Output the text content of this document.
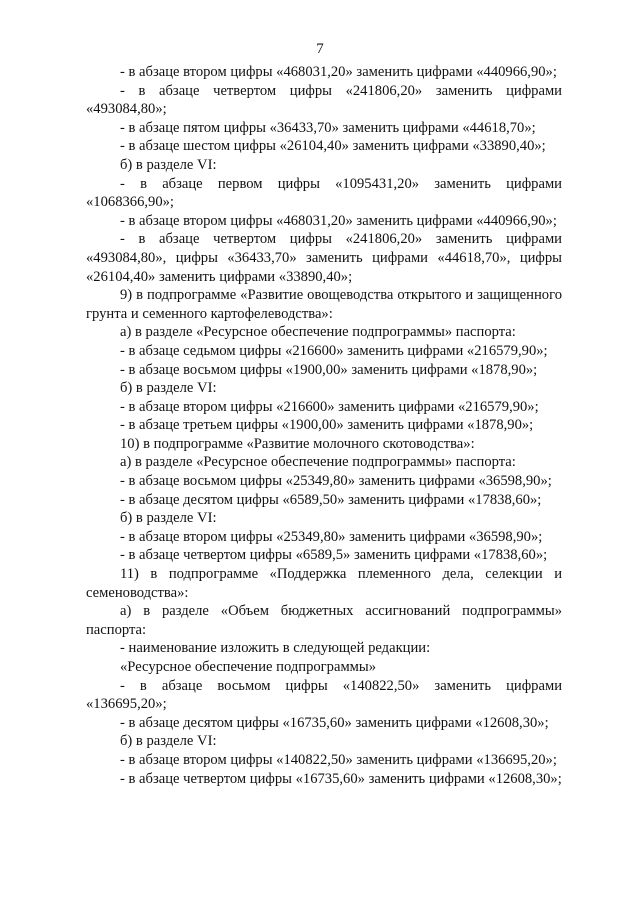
7

- в абзаце втором цифры «468031,20» заменить цифрами «440966,90»;

- в абзаце четвертом цифры «241806,20» заменить цифрами «493084,80»;

- в абзаце пятом цифры «36433,70» заменить цифрами «44618,70»;

- в абзаце шестом цифры «26104,40» заменить цифрами «33890,40»;

б) в разделе VI:

- в абзаце первом цифры «1095431,20» заменить цифрами «1068366,90»;

- в абзаце втором цифры «468031,20» заменить цифрами «440966,90»;

- в абзаце четвертом цифры «241806,20» заменить цифрами «493084,80», цифры «36433,70» заменить цифрами «44618,70», цифры «26104,40» заменить цифрами «33890,40»;

9) в подпрограмме «Развитие овощеводства открытого и защищенного грунта и семенного картофелеводства»:

а) в разделе «Ресурсное обеспечение подпрограммы» паспорта:

- в абзаце седьмом цифры «216600» заменить цифрами «216579,90»;

- в абзаце восьмом цифры «1900,00» заменить цифрами «1878,90»;

б) в разделе VI:

- в абзаце втором цифры «216600» заменить цифрами «216579,90»;

- в абзаце третьем цифры «1900,00» заменить цифрами «1878,90»;

10) в подпрограмме «Развитие молочного скотоводства»:

а) в разделе «Ресурсное обеспечение подпрограммы» паспорта:

- в абзаце восьмом цифры «25349,80» заменить цифрами «36598,90»;

- в абзаце десятом цифры «6589,50» заменить цифрами «17838,60»;

б) в разделе VI:

- в абзаце втором цифры «25349,80» заменить цифрами «36598,90»;

- в абзаце четвертом цифры «6589,5» заменить цифрами «17838,60»;

11) в подпрограмме «Поддержка племенного дела, селекции и семеноводства»:

а) в разделе «Объем бюджетных ассигнований подпрограммы» паспорта:

- наименование изложить в следующей редакции:

«Ресурсное обеспечение подпрограммы»

- в абзаце восьмом цифры «140822,50» заменить цифрами «136695,20»;

- в абзаце десятом цифры «16735,60» заменить цифрами «12608,30»;

б) в разделе VI:

- в абзаце втором цифры «140822,50» заменить цифрами «136695,20»;

- в абзаце четвертом цифры «16735,60» заменить цифрами «12608,30»;
